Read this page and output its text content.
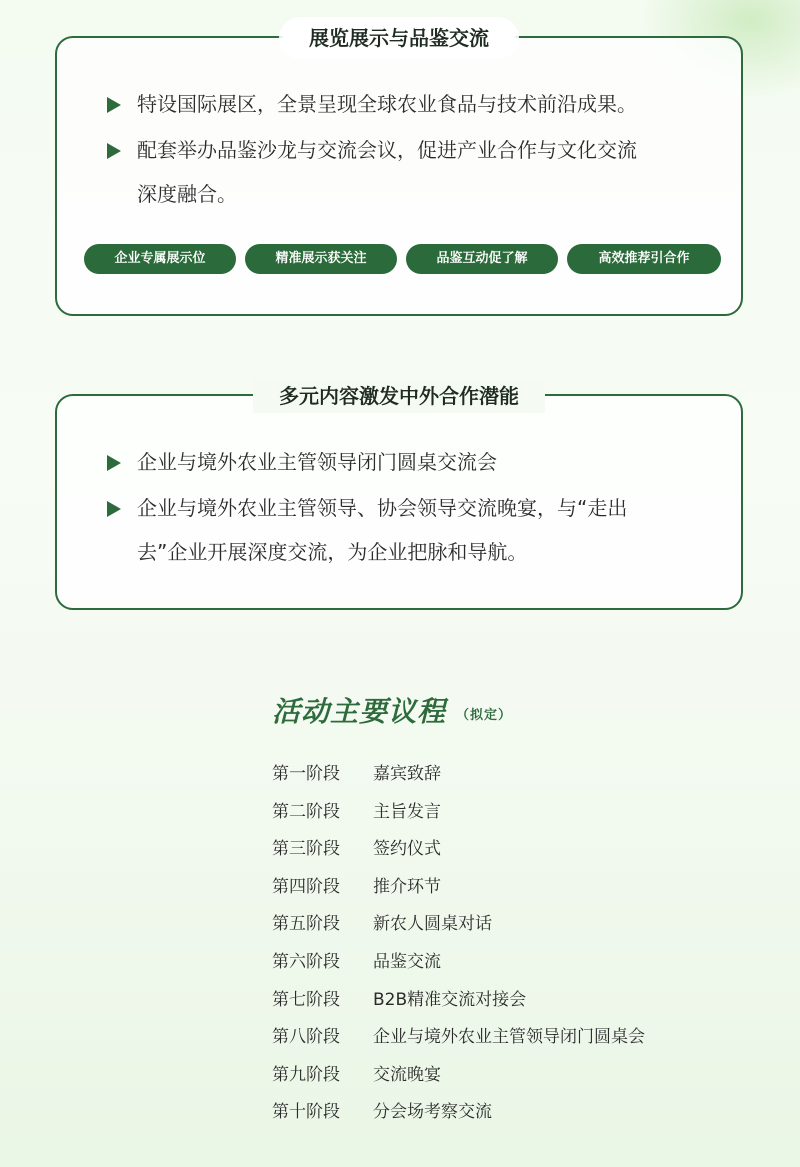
展览展示与品鉴交流
特设国际展区，全景呈现全球农业食品与技术前沿成果。
配套举办品鉴沙龙与交流会议，促进产业合作与文化交流
深度融合。
企业专属展示位	精准展示获关注	品鉴互动促了解	高效推荐引合作
多元内容激发中外合作潜能
企业与境外农业主管领导闭门圆桌交流会
企业与境外农业主管领导、协会领导交流晚宴，与“走出
去”企业开展深度交流，为企业把脉和导航。
活动主要议程 （拟定）
第一阶段 嘉宾致辞
第二阶段 主旨发言
第三阶段 签约仪式
第四阶段 推介环节
第五阶段 新农人圆桌对话
第六阶段 品鉴交流
第七阶段 B2B精准交流对接会
第八阶段 企业与境外农业主管领导闭门圆桌会
第九阶段 交流晚宴
第十阶段 分会场考察交流
